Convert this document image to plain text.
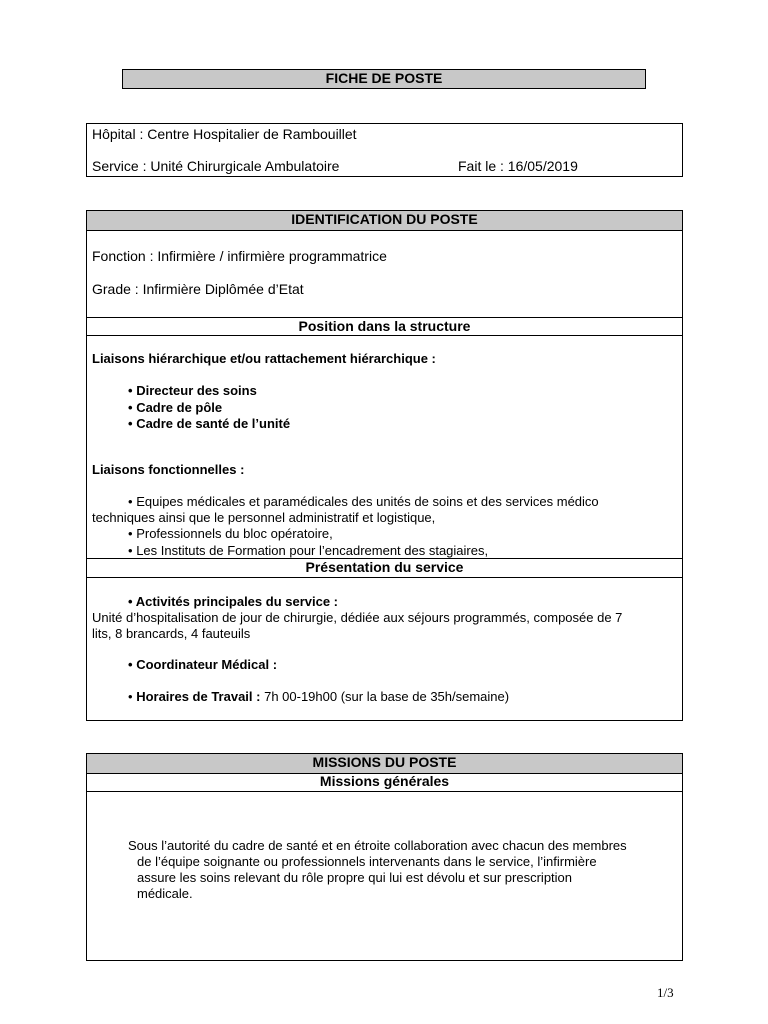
FICHE DE POSTE
Hôpital : Centre Hospitalier de Rambouillet
Service : Unité Chirurgicale Ambulatoire	Fait le : 16/05/2019
IDENTIFICATION DU POSTE
Fonction : Infirmière / infirmière programmatrice
Grade : Infirmière Diplômée d’Etat
Position dans la structure
Liaisons hiérarchique et/ou rattachement hiérarchique :
• Directeur des soins
• Cadre de pôle
• Cadre de santé de l’unité
Liaisons fonctionnelles :
• Equipes médicales et paramédicales des unités de soins et des services médico
techniques ainsi que le personnel administratif et logistique,
• Professionnels du bloc opératoire,
• Les Instituts de Formation pour l’encadrement des stagiaires,
Présentation du service
• Activités principales du service :
Unité d’hospitalisation de jour de chirurgie, dédiée aux séjours programmés, composée de 7
lits, 8 brancards, 4 fauteuils
• Coordinateur Médical :
• Horaires de Travail : 7h 00-19h00 (sur la base de 35h/semaine)
MISSIONS DU POSTE
Missions générales
Sous l’autorité du cadre de santé et en étroite collaboration avec chacun des membres
de l’équipe soignante ou professionnels intervenants dans le service, l’infirmière
assure les soins relevant du rôle propre qui lui est dévolu et sur prescription
médicale.
1/3
